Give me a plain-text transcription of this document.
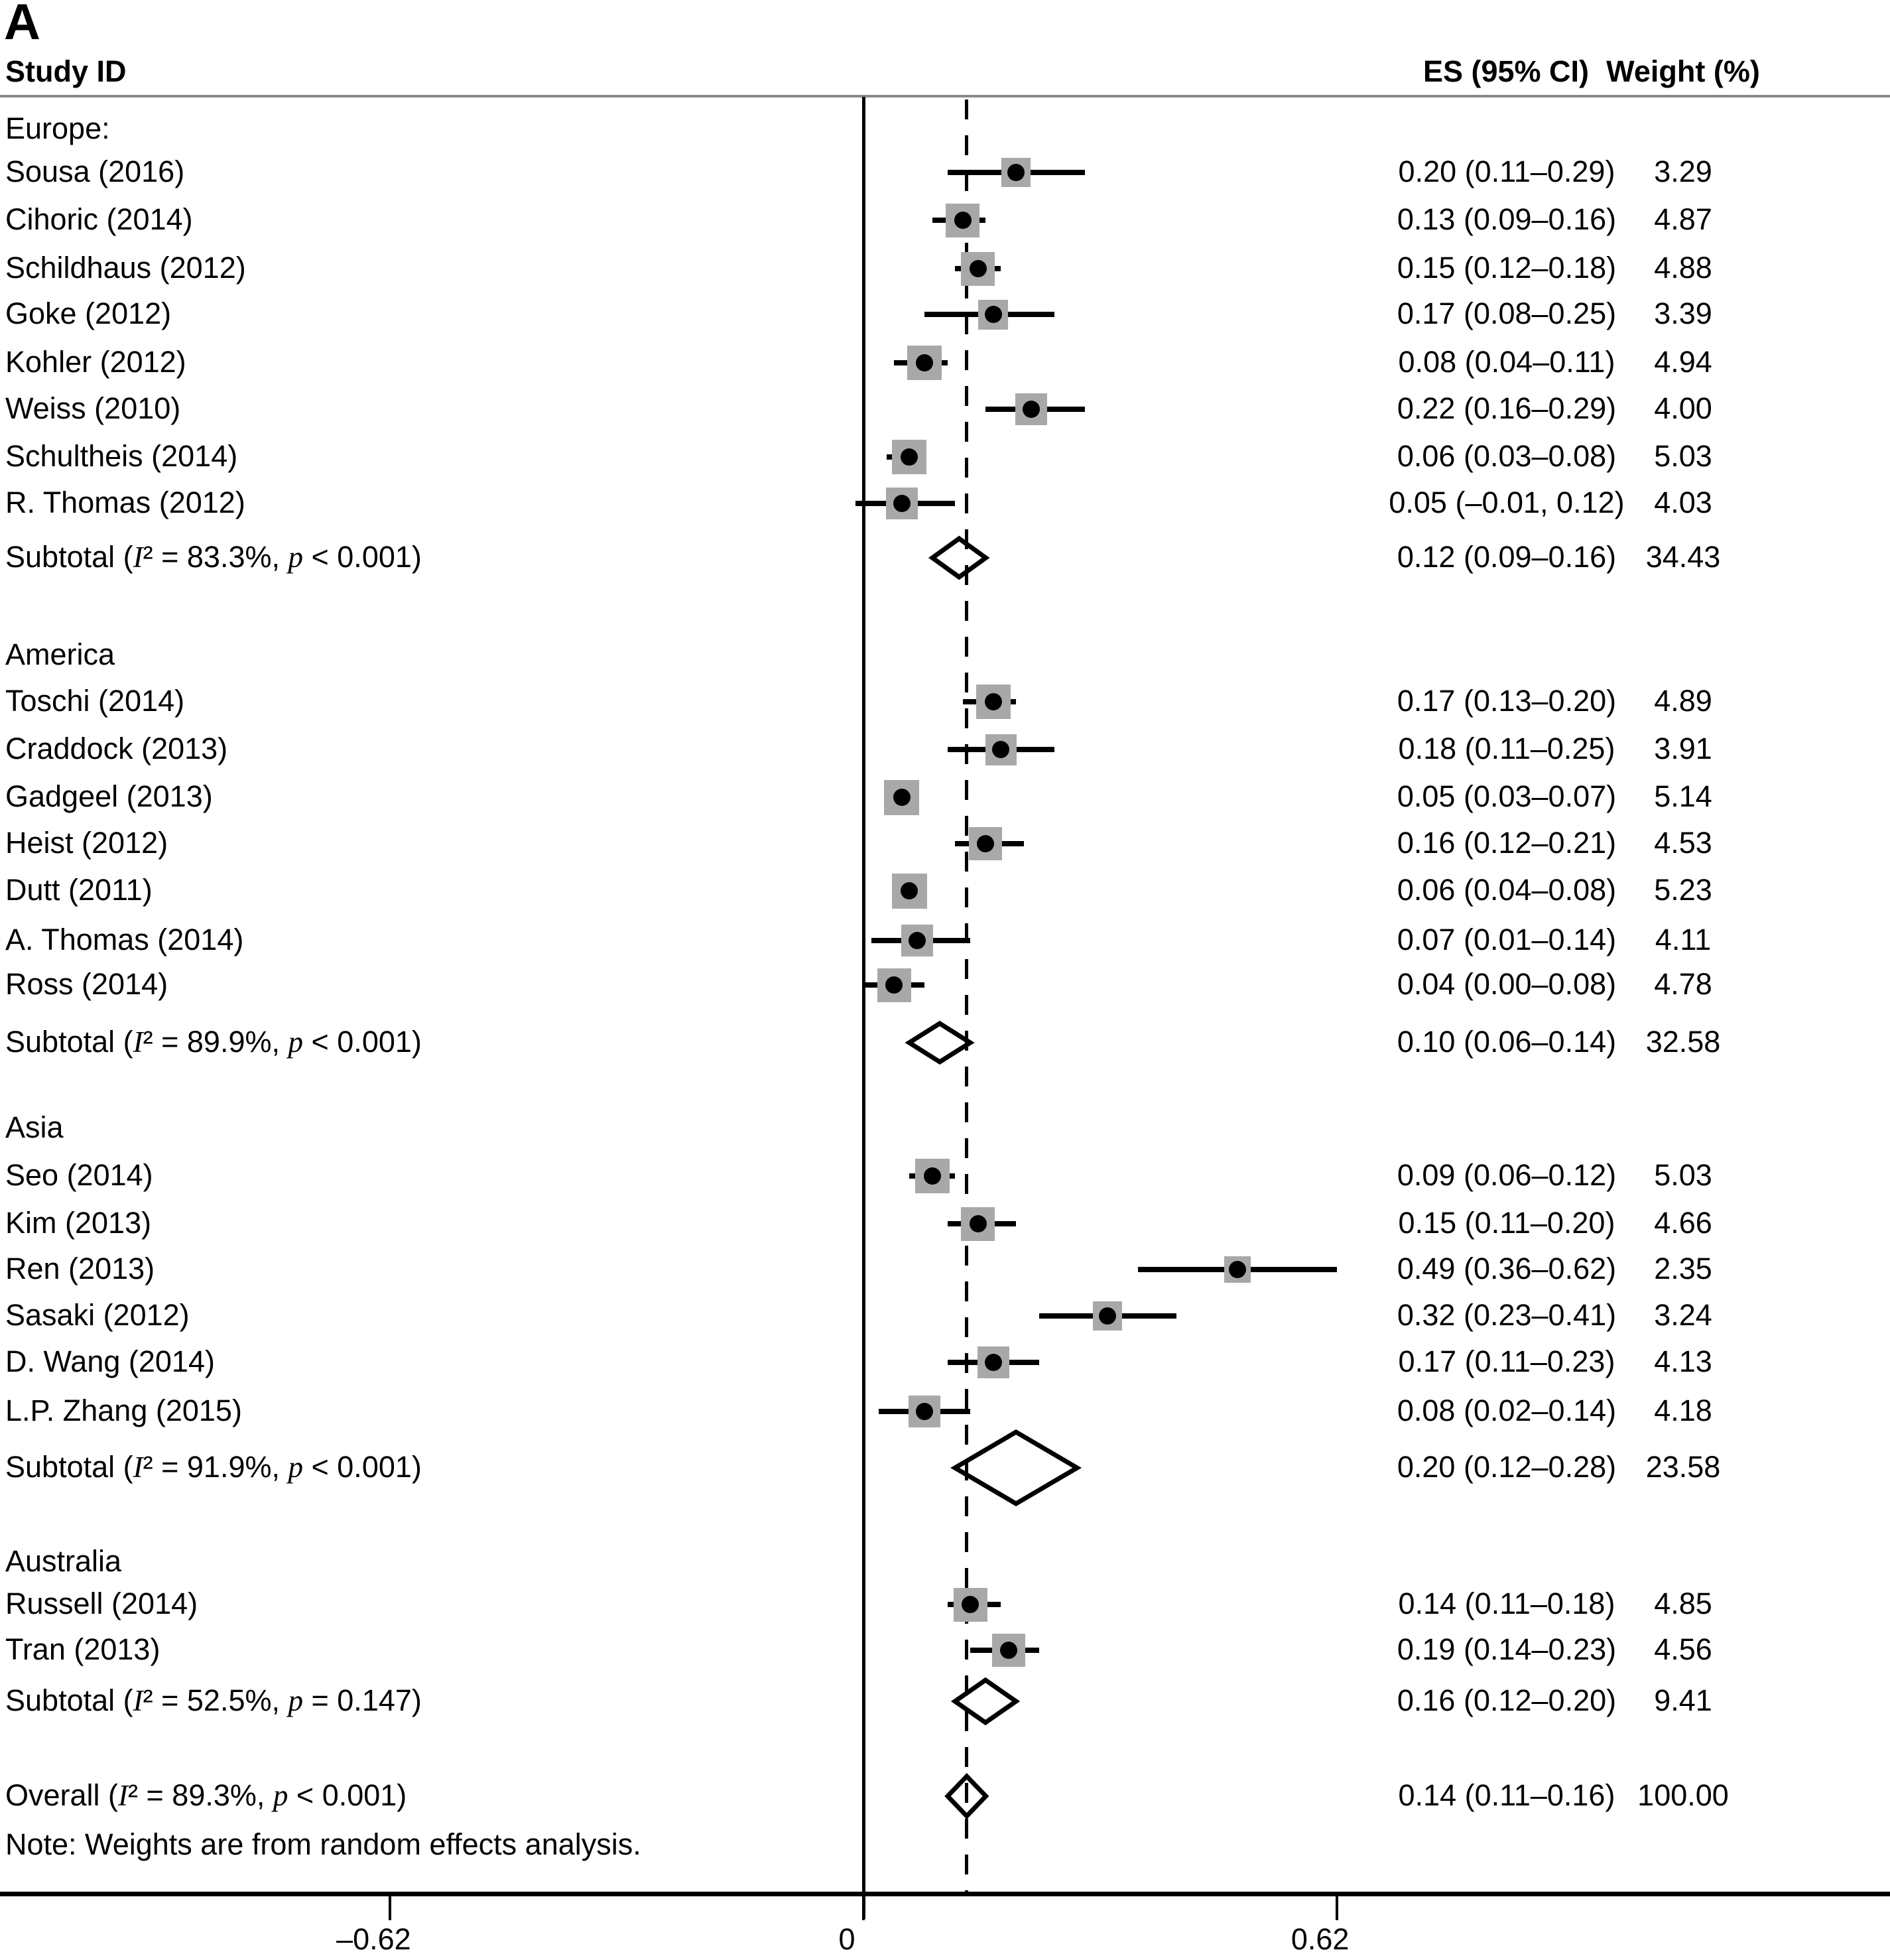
A
Study ID	ES (95% CI) Weight (%)
Europe:
Sousa (2016)	0.20 (0.11–0.29) 3.29
Cihoric (2014)	0.13 (0.09–0.16) 4.87
Schildhaus (2012)	0.15 (0.12–0.18) 4.88
Goke (2012)	0.17 (0.08–0.25) 3.39
Kohler (2012)	0.08 (0.04–0.11) 4.94
Weiss (2010)	0.22 (0.16–0.29) 4.00
Schultheis (2014)	0.06 (0.03–0.08) 5.03
R. Thomas (2012)	0.05 (–0.01, 0.12) 4.03
Subtotal (I² = 83.3%, p < 0.001)	0.12 (0.09–0.16) 34.43
America
Toschi (2014)	0.17 (0.13–0.20) 4.89
Craddock (2013)	0.18 (0.11–0.25) 3.91
Gadgeel (2013)	0.05 (0.03–0.07) 5.14
Heist (2012)	0.16 (0.12–0.21) 4.53
Dutt (2011)	0.06 (0.04–0.08) 5.23
A. Thomas (2014)	0.07 (0.01–0.14) 4.11
Ross (2014)	0.04 (0.00–0.08) 4.78
Subtotal (I² = 89.9%, p < 0.001)	0.10 (0.06–0.14) 32.58
Asia
Seo (2014)	0.09 (0.06–0.12) 5.03
Kim (2013)	0.15 (0.11–0.20) 4.66
Ren (2013)	0.49 (0.36–0.62) 2.35
Sasaki (2012)	0.32 (0.23–0.41) 3.24
D. Wang (2014)	0.17 (0.11–0.23) 4.13
L.P. Zhang (2015)	0.08 (0.02–0.14) 4.18
Subtotal (I² = 91.9%, p < 0.001)	0.20 (0.12–0.28) 23.58
Australia
Russell (2014)	0.14 (0.11–0.18) 4.85
Tran (2013)	0.19 (0.14–0.23) 4.56
Subtotal (I² = 52.5%, p = 0.147)	0.16 (0.12–0.20) 9.41
Overall (I² = 89.3%, p < 0.001)	0.14 (0.11–0.16) 100.00
Note: Weights are from random effects analysis.
–0.62	0	0.62
